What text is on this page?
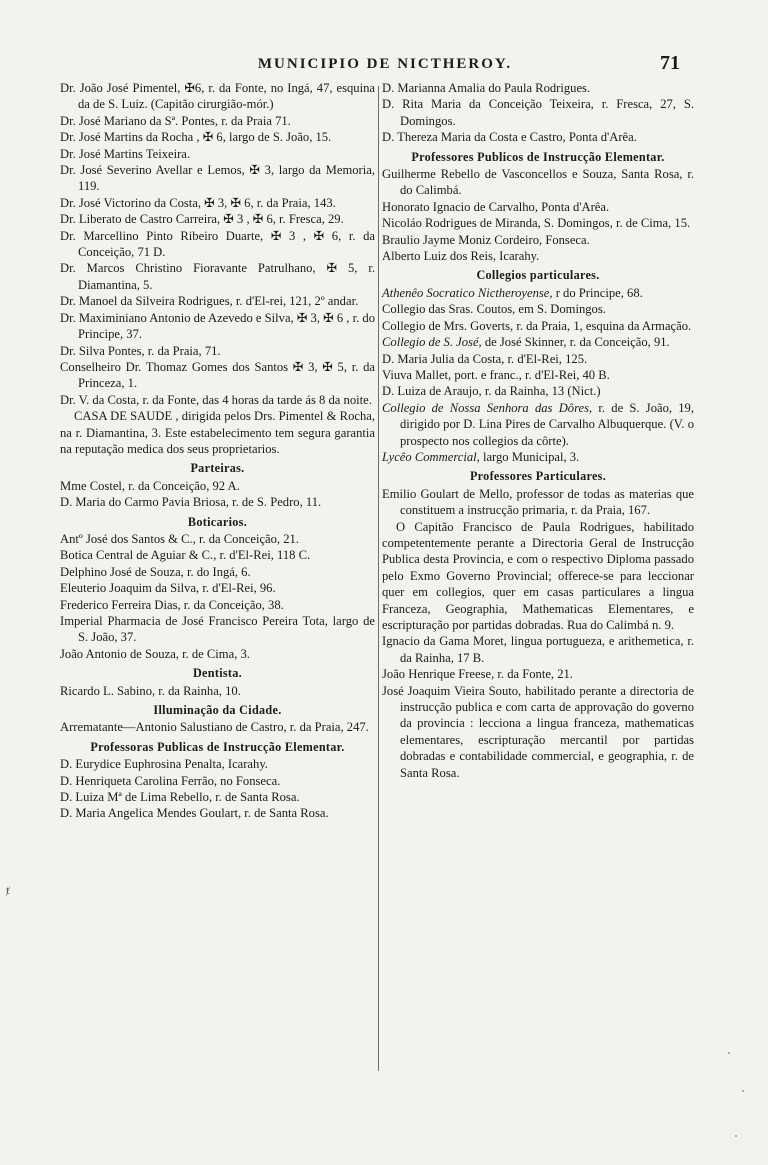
MUNICIPIO DE NICTHEROY.	71
ⱦ

Dr. João José Pimentel, ✠6, r. da Fonte, no Ingá, 47, esquina da de S. Luiz. (Capitão cirurgião-mór.)

Dr. José Mariano da Sª. Pontes, r. da Praia 71.

Dr. José Martins da Rocha , ✠ 6, largo de S. João, 15.

Dr. José Martins Teixeira.

Dr. José Severino Avellar e Lemos, ✠ 3, largo da Memoria, 119.

Dr. José Victorino da Costa, ✠ 3, ✠ 6, r. da Praia, 143.

Dr. Liberato de Castro Carreira, ✠ 3 , ✠ 6, r. Fresca, 29.

Dr. Marcellino Pinto Ribeiro Duarte, ✠ 3 , ✠ 6, r. da Conceição, 71 D.

Dr. Marcos Christino Fioravante Patrulhano, ✠ 5, r. Diamantina, 5.

Dr. Manoel da Silveira Rodrigues, r. d'El-rei, 121, 2º andar.

Dr. Maximiniano Antonio de Azevedo e Silva, ✠ 3, ✠ 6 , r. do Principe, 37.

Dr. Silva Pontes, r. da Praia, 71.

Conselheiro Dr. Thomaz Gomes dos Santos ✠ 3, ✠ 5, r. da Princeza, 1.

Dr. V. da Costa, r. da Fonte, das 4 horas da tarde ás 8 da noite.

CASA DE SAUDE , dirigida pelos Drs. Pimentel & Rocha, na r. Diamantina, 3. Este estabelecimento tem segura garantia na reputação medica dos seus proprietarios.

Parteiras.

Mme Costel, r. da Conceição, 92 A.

D. Maria do Carmo Pavia Briosa, r. de S. Pedro, 11.

Boticarios.

Antº José dos Santos & C., r. da Conceição, 21.

Botica Central de Aguiar & C., r. d'El-Rei, 118 C.

Delphino José de Souza, r. do Ingá, 6.

Eleuterio Joaquim da Silva, r. d'El-Rei, 96.

Frederico Ferreira Dias, r. da Conceição, 38.

Imperial Pharmacia de José Francisco Pereira Tota, largo de S. João, 37.

João Antonio de Souza, r. de Cima, 3.

Dentista.

Ricardo L. Sabino, r. da Rainha, 10.

Illuminação da Cidade.

Arrematante—Antonio Salustiano de Castro, r. da Praia, 247.

Professoras Publicas de Instrucção Elementar.

D. Eurydice Euphrosina Penalta, Icarahy.

D. Henriqueta Carolina Ferrão, no Fonseca.

D. Luiza Mª de Lima Rebello, r. de Santa Rosa.

D. Maria Angelica Mendes Goulart, r. de Santa Rosa.

D. Marianna Amalia do Paula Rodrigues.

D. Rita Maria da Conceição Teixeira, r. Fresca, 27, S. Domingos.

D. Thereza Maria da Costa e Castro, Ponta d'Arêa.

Professores Publicos de Instrucção Elementar.

Guilherme Rebello de Vasconcellos e Souza, Santa Rosa, r. do Calimbá.

Honorato Ignacio de Carvalho, Ponta d'Arêa.

Nicoláo Rodrigues de Miranda, S. Domingos, r. de Cima, 15.

Braulio Jayme Moniz Cordeiro, Fonseca.

Alberto Luiz dos Reis, Icarahy.

Collegios particulares.

Athenêo Socratico Nictheroyense, r do Principe, 68.

Collegio das Sras. Coutos, em S. Domingos.

Collegio de Mrs. Goverts, r. da Praia, 1, esquina da Armação.

Collegio de S. José, de José Skinner, r. da Conceição, 91.

D. Maria Julia da Costa, r. d'El-Rei, 125.

Viuva Mallet, port. e franc., r. d'El-Rei, 40 B.

D. Luiza de Araujo, r. da Rainha, 13 (Nict.)

Collegio de Nossa Senhora das Dôres, r. de S. João, 19, dirigido por D. Lina Pires de Carvalho Albuquerque. (V. o prospecto nos collegios da côrte).

Lycêo Commercial, largo Municipal, 3.

Professores Particulares.

Emilio Goulart de Mello, professor de todas as materias que constituem a instrucção primaria, r. da Praia, 167.

O Capitão Francisco de Paula Rodrigues, habilitado competentemente perante a Directoria Geral de Instrucção Publica desta Provincia, e com o respectivo Diploma passado pelo Exmo Governo Provincial; offerece-se para leccionar quer em collegios, quer em casas particulares a lingua Franceza, Geographia, Mathematicas Elementares, e escripturação por partidas dobradas. Rua do Calimbá n. 9.

Ignacio da Gama Moret, lingua portugueza, e arithemetica, r. da Rainha, 17 B.

João Henrique Freese, r. da Fonte, 21.

José Joaquim Vieira Souto, habilitado perante a directoria de instrucção publica e com carta de approvação do governo da provincia : lecciona a lingua franceza, mathematicas elementares, escripturação mercantil por partidas dobradas e contabilidade commercial, e geographia, r. de Santa Rosa.
